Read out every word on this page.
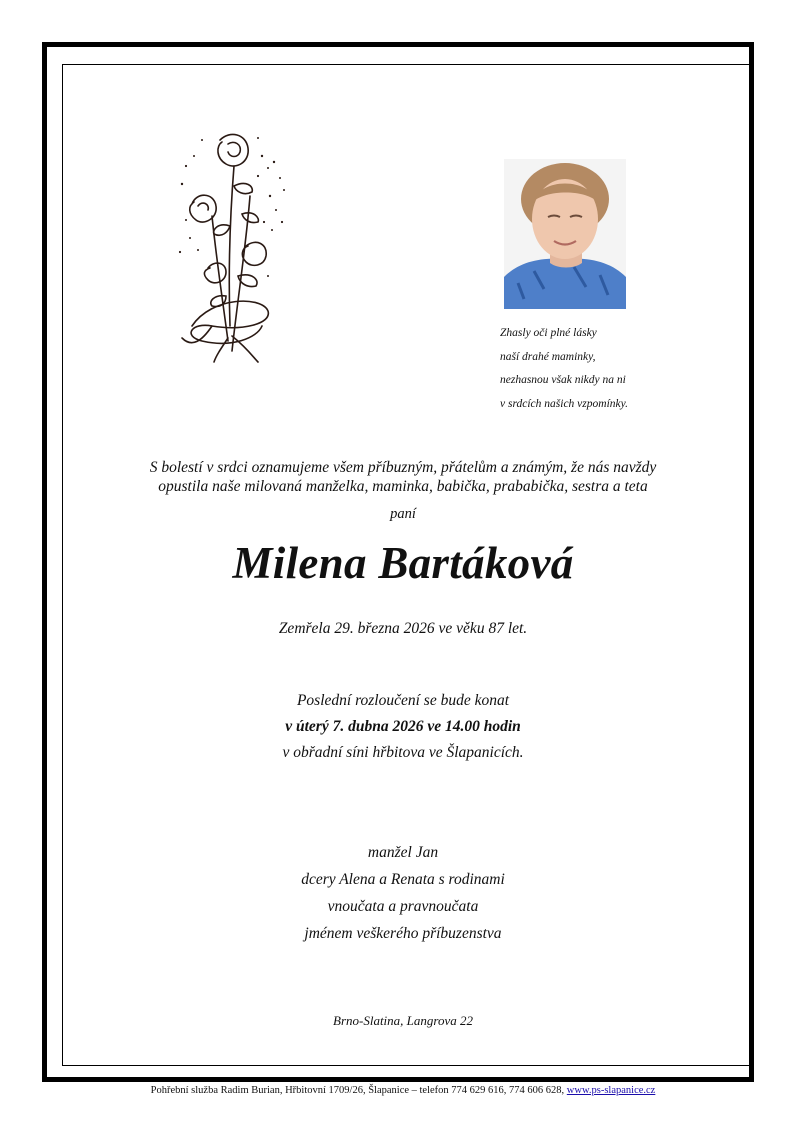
Zhasly oči plné lásky
naší drahé maminky,
nezhasnou však nikdy na ni
v srdcích našich vzpomínky.
S bolestí v srdci oznamujeme všem příbuzným, přátelům a známým, že nás navždy
opustila naše milovaná manželka, maminka, babička, prababička, sestra a teta
paní
Milena Bartáková
Zemřela 29. března 2026 ve věku 87 let.
Poslední rozloučení se bude konat
v úterý 7. dubna 2026 ve 14.00 hodin
v obřadní síni hřbitova ve Šlapanicích.
manžel Jan
dcery Alena a Renata s rodinami
vnoučata a pravnoučata
jménem veškerého příbuzenstva
Brno-Slatina, Langrova 22
Pohřební služba Radim Burian, Hřbitovní 1709/26, Šlapanice – telefon 774 629 616, 774 606 628, www.ps-slapanice.cz
